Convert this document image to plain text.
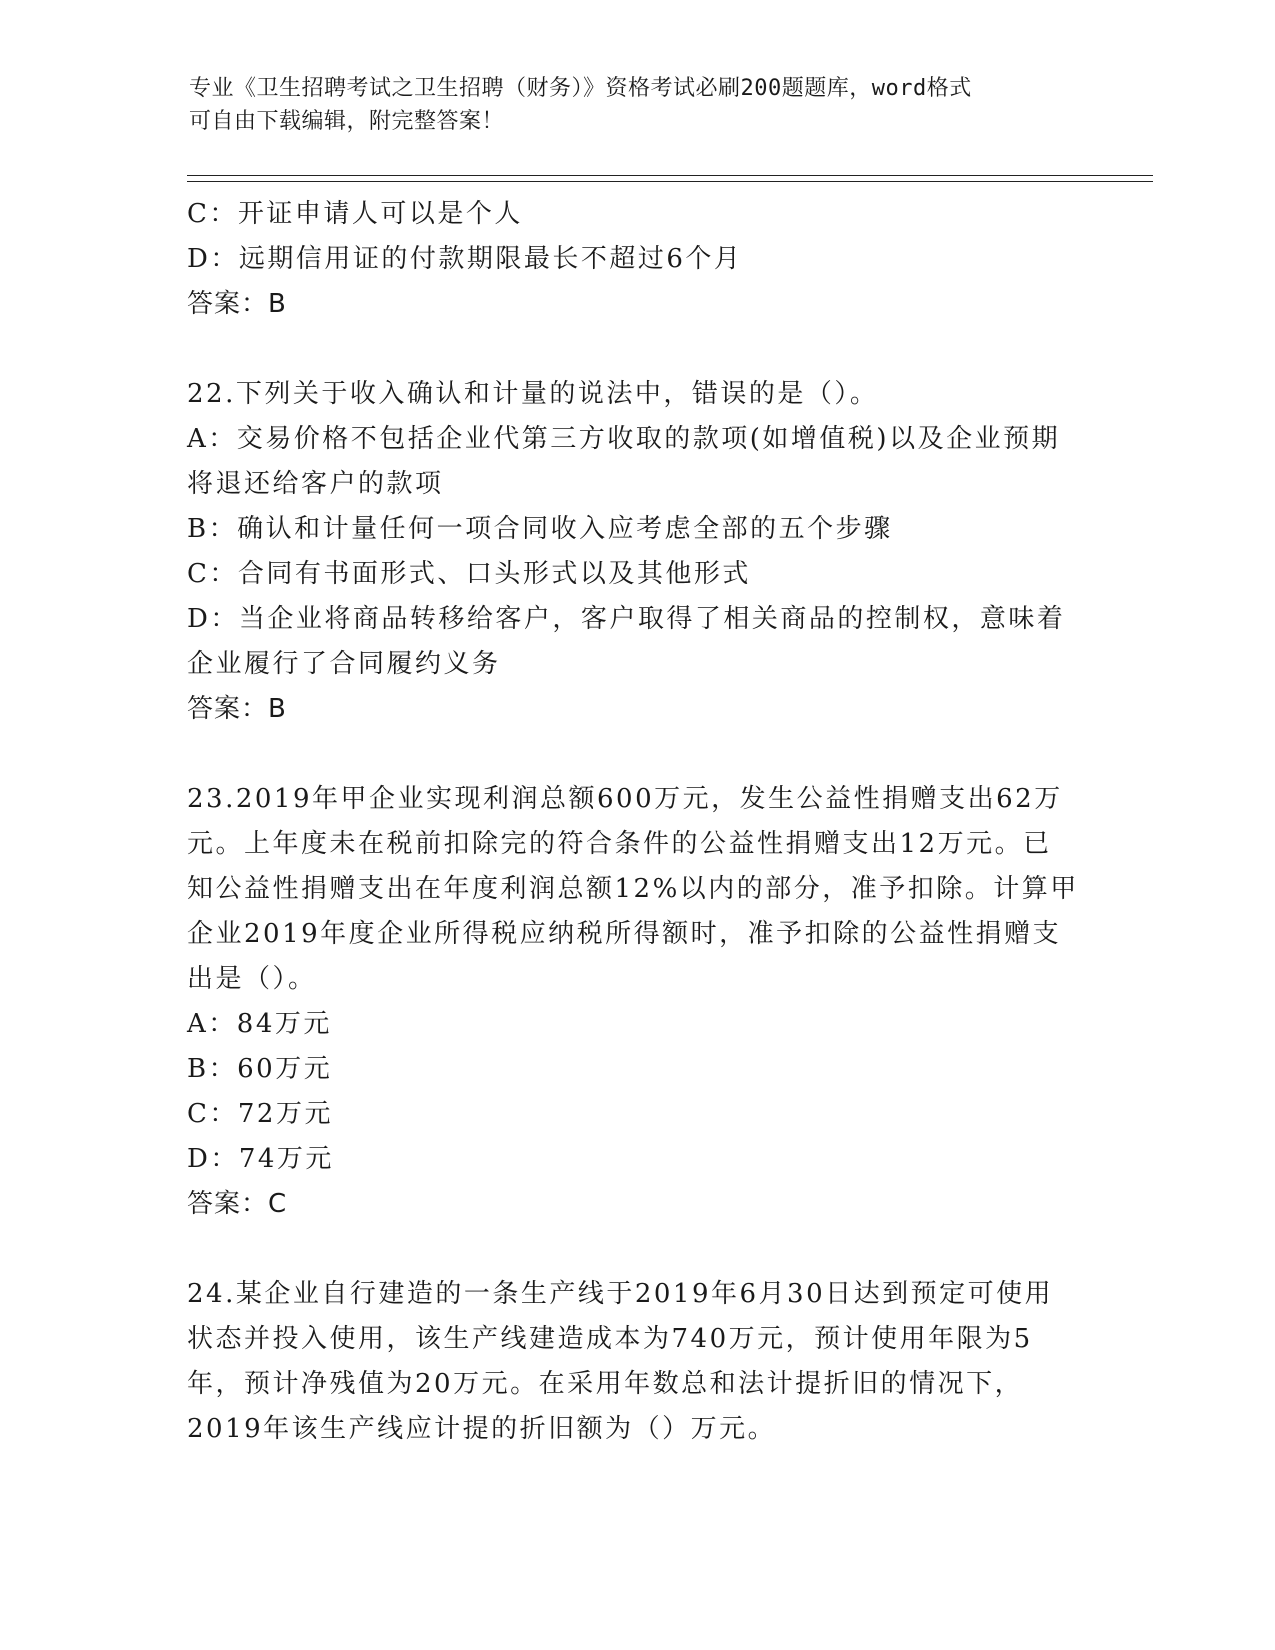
专业《卫生招聘考试之卫生招聘（财务）》资格考试必刷200题题库，word格式
可自由下载编辑，附完整答案！
C：开证申请人可以是个人
D：远期信用证的付款期限最长不超过6个月
答案：B
22.下列关于收入确认和计量的说法中，错误的是（）。
A：交易价格不包括企业代第三方收取的款项(如增值税)以及企业预期
将退还给客户的款项
B：确认和计量任何一项合同收入应考虑全部的五个步骤
C：合同有书面形式、口头形式以及其他形式
D：当企业将商品转移给客户，客户取得了相关商品的控制权，意味着
企业履行了合同履约义务
答案：B
23.2019年甲企业实现利润总额600万元，发生公益性捐赠支出62万
元。上年度未在税前扣除完的符合条件的公益性捐赠支出12万元。已
知公益性捐赠支出在年度利润总额12%以内的部分，准予扣除。计算甲
企业2019年度企业所得税应纳税所得额时，准予扣除的公益性捐赠支
出是（）。
A：84万元
B：60万元
C：72万元
D：74万元
答案：C
24.某企业自行建造的一条生产线于2019年6月30日达到预定可使用
状态并投入使用，该生产线建造成本为740万元，预计使用年限为5
年，预计净残值为20万元。在采用年数总和法计提折旧的情况下，
2019年该生产线应计提的折旧额为（）万元。
